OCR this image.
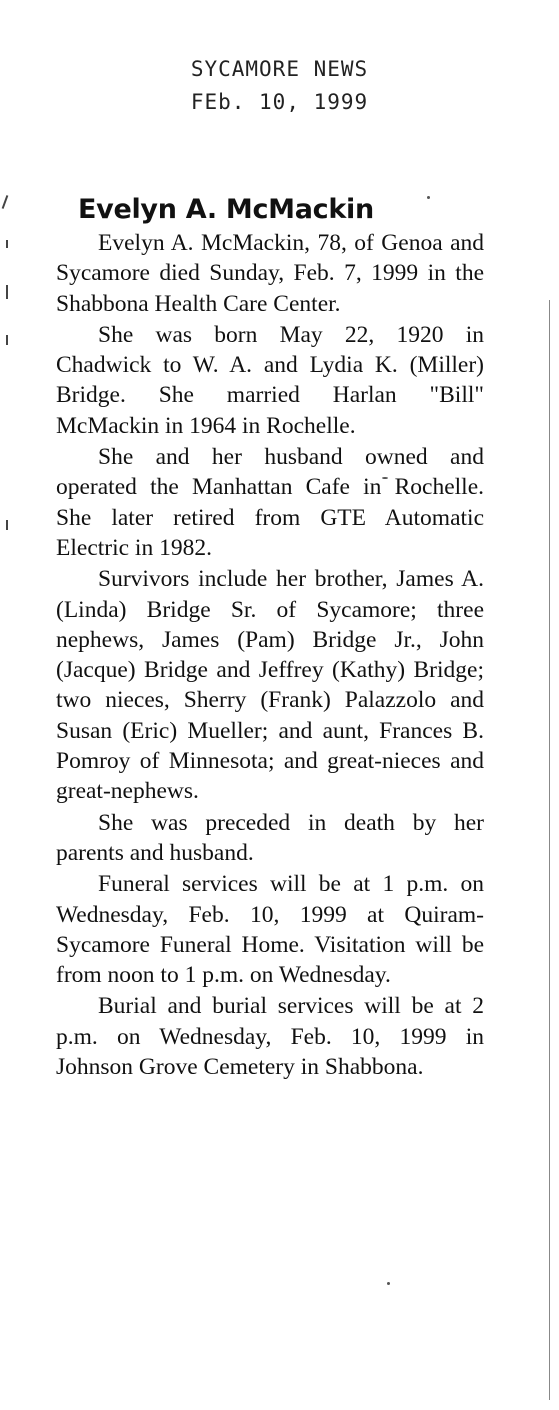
SYCAMORE NEWS
FEb. 10, 1999
Evelyn A. McMackin

Evelyn A. McMackin, 78, of Genoa and Sycamore died Sunday, Feb. 7, 1999 in the Shabbona Health Care Center.

She was born May 22, 1920 in Chadwick to W. A. and Lydia K. (Miller) Bridge. She married Harlan "Bill" McMackin in 1964 in Rochelle.

She and her husband owned and operated the Manhattan Cafe in Rochelle. She later retired from GTE Automatic Electric in 1982.

Survivors include her brother, James A. (Linda) Bridge Sr. of Sycamore; three nephews, James (Pam) Bridge Jr., John (Jacque) Bridge and Jeffrey (Kathy) Bridge; two nieces, Sherry (Frank) Palazzolo and Susan (Eric) Mueller; and aunt, Frances B. Pomroy of Minnesota; and great-nieces and great-nephews.

She was preceded in death by her parents and husband.

Funeral services will be at 1 p.m. on Wednesday, Feb. 10, 1999 at Quiram-Sycamore Funeral Home. Visitation will be from noon to 1 p.m. on Wednesday.

Burial and burial services will be at 2 p.m. on Wednesday, Feb. 10, 1999 in Johnson Grove Cemetery in Shabbona.
